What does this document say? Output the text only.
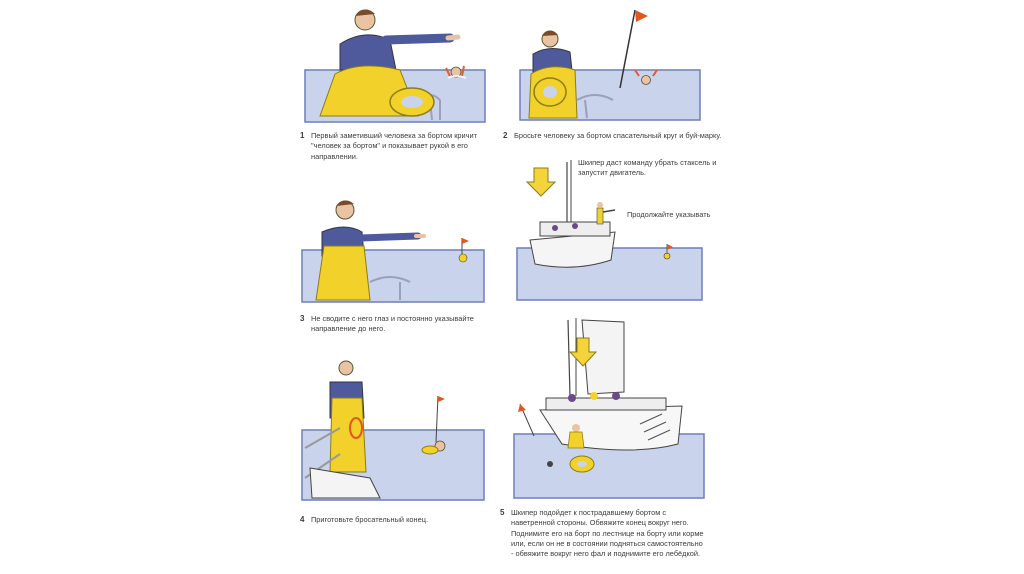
1 Первый заметивший человека за бортом кричит "человек за бортом" и показывает рукой в его направлении.
2 Бросьте человеку за бортом спасательный круг и буй-марку.
Шкипер даст команду убрать стаксель и запустит двигатель.
Продолжайте указывать
3 Не сводите с него глаз и постоянно указывайте направление до него.
4 Приготовьте бросательный конец.
5 Шкипер подойдет к пострадавшему бортом с наветренной стороны. Обвяжите конец вокруг него. Поднимите его на борт по лестнице на борту или корме или, если он не в состоянии подняться самостоятельно - обвяжите вокруг него фал и поднимите его лебёдкой.
